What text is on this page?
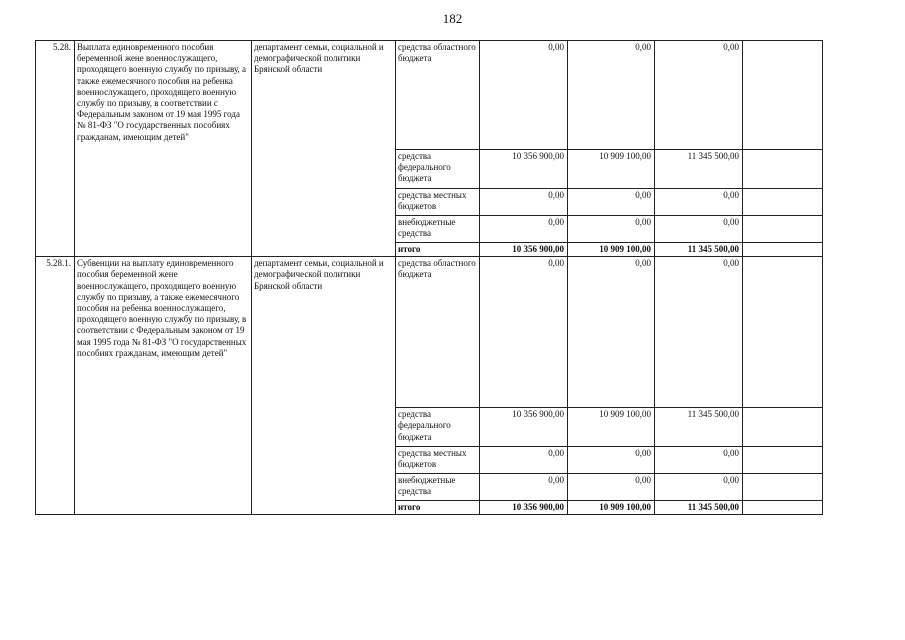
182
5.28.	Выплата единовременного пособия беременной жене военнослужащего, проходящего военную службу по призыву, а также ежемесячного пособия на ребенка военнослужащего, проходящего военную службу по призыву, в соответствии с Федеральным законом от 19 мая 1995 года № 81-ФЗ "О государственных пособиях гражданам, имеющим детей"	департамент семьи, социальной и демографической политики Брянской области	средства областного бюджета	0,00	0,00	0,00	
			средства федерального бюджета	10 356 900,00	10 909 100,00	11 345 500,00	
			средства местных бюджетов	0,00	0,00	0,00	
			внебюджетные средства	0,00	0,00	0,00	
			итого	10 356 900,00	10 909 100,00	11 345 500,00	
5.28.1.	Субвенции на выплату единовременного пособия беременной жене военнослужащего, проходящего военную службу по призыву, а также ежемесячного пособия на ребенка военнослужащего, проходящего военную службу по призыву, в соответствии с Федеральным законом от 19 мая 1995 года № 81-ФЗ "О государственных пособиях гражданам, имеющим детей"	департамент семьи, социальной и демографической политики Брянской области	средства областного бюджета	0,00	0,00	0,00	
			средства федерального бюджета	10 356 900,00	10 909 100,00	11 345 500,00	
			средства местных бюджетов	0,00	0,00	0,00	
			внебюджетные средства	0,00	0,00	0,00	
			итого	10 356 900,00	10 909 100,00	11 345 500,00	
